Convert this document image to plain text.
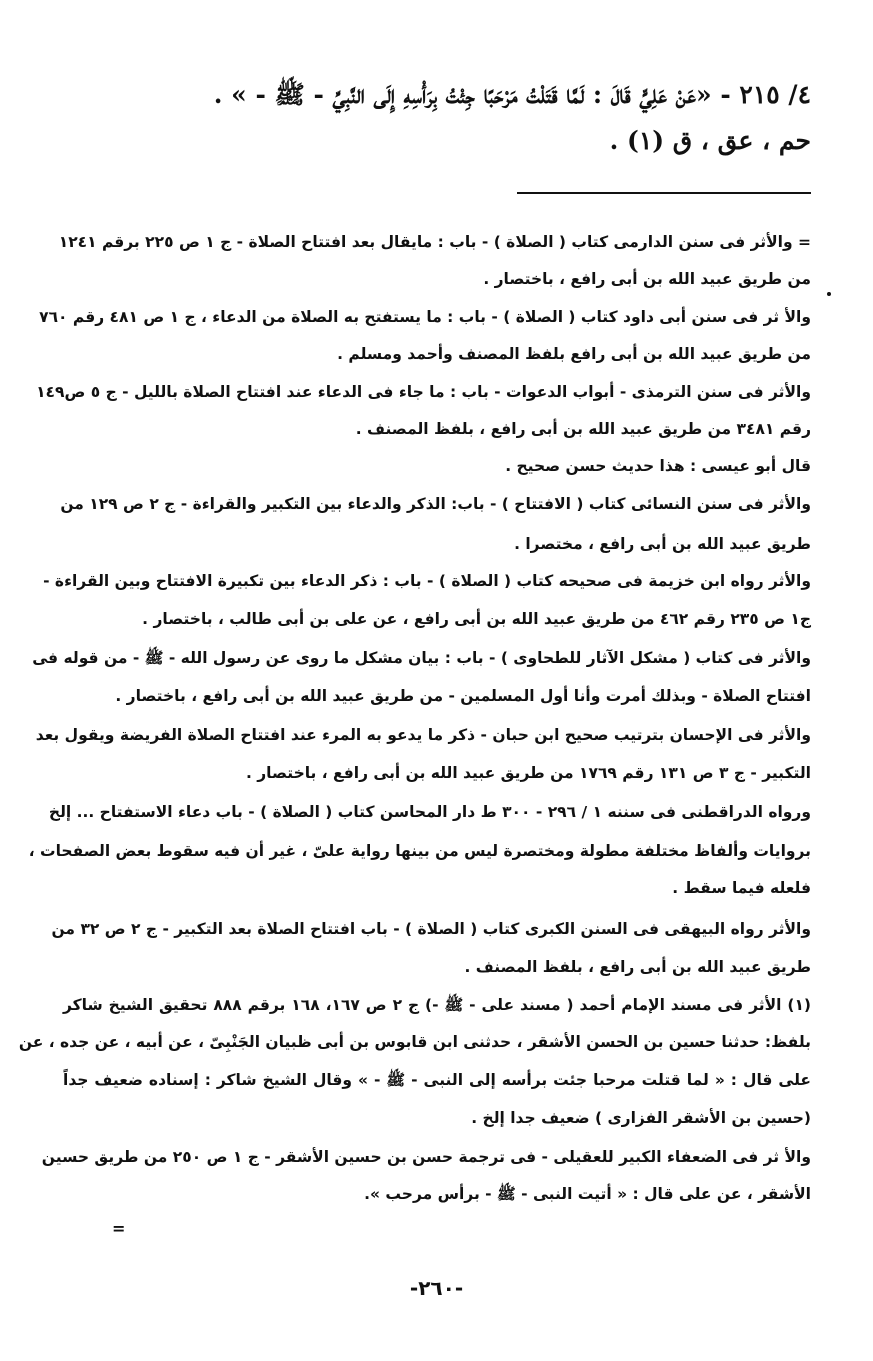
٤/ ٢١٥ - «عَنْ عَلِيٍّ قَالَ : لَمَّا قَتَلْتُ مَرْحَبًا جِئْتُ بِرَأْسِهِ إِلَى النَّبِيِّ - ﷺ - » .
حم ، عق ، ق (١) .
= والأثر فى سنن الدارمى كتاب ( الصلاة ) - باب : مايقال بعد افتتاح الصلاة - ج ١ ص ٢٢٥ برقم ١٢٤١
من طريق عبيد الله بن أبى رافع ، باختصار .
والأ ثر فى سنن أبى داود كتاب ( الصلاة ) - باب : ما يستفتح به الصلاة من الدعاء ، ج ١ ص ٤٨١ رقم ٧٦٠
من طريق عبيد الله بن أبى رافع بلفظ المصنف وأحمد ومسلم .
والأثر فى سنن الترمذى - أبواب الدعوات - باب : ما جاء فى الدعاء عند افتتاح الصلاة بالليل - ج ٥ ص١٤٩
رقم ٣٤٨١ من طريق عبيد الله بن أبى رافع ، بلفظ المصنف .
قال أبو عيسى : هذا حديث حسن صحيح .
والأثر فى سنن النسائى كتاب ( الافتتاح ) - باب: الذكر والدعاء بين التكبير والقراءة - ج ٢ ص ١٢٩ من
طريق عبيد الله بن أبى رافع ، مختصرا .
والأثر رواه ابن خزيمة فى صحيحه كتاب ( الصلاة ) - باب : ذكر الدعاء بين تكبيرة الافتتاح وبين القراءة -
ج١ ص ٢٣٥ رقم ٤٦٢ من طريق عبيد الله بن أبى رافع ، عن على بن أبى طالب ، باختصار .
والأثر فى كتاب ( مشكل الآثار للطحاوى ) - باب : بيان مشكل ما روى عن رسول الله - ﷺ - من قوله فى
افتتاح الصلاة - وبذلك أمرت وأنا أول المسلمين - من طريق عبيد الله بن أبى رافع ، باختصار .
والأثر فى الإحسان بترتيب صحيح ابن حبان - ذكر ما يدعو به المرء عند افتتاح الصلاة الفريضة ويقول بعد
التكبير - ج ٣ ص ١٣١ رقم ١٧٦٩ من طريق عبيد الله بن أبى رافع ، باختصار .
ورواه الدراقطنى فى سننه ١ / ٢٩٦ - ٣٠٠ ط دار المحاسن كتاب ( الصلاة ) - باب دعاء الاستفتاح ... إلخ
بروايات وألفاظ مختلفة مطولة ومختصرة ليس من بينها رواية علىّ ، غير أن فيه سقوط بعض الصفحات ،
فلعله فيما سقط .
والأثر رواه البيهقى فى السنن الكبرى كتاب ( الصلاة ) - باب افتتاح الصلاة بعد التكبير - ج ٢ ص ٣٢ من
طريق عبيد الله بن أبى رافع ، بلفظ المصنف .
(١) الأثر فى مسند الإمام أحمد ( مسند على - ﷺ -) ج ٢ ص ١٦٧، ١٦٨ برقم ٨٨٨ تحقيق الشيخ شاكر
بلفظ: حدثنا حسين بن الحسن الأشقر ، حدثنى ابن قابوس بن أبى ظبيان الجَنْبِىّ ، عن أبيه ، عن جده ، عن
على قال : « لما قتلت مرحبا جئت برأسه إلى النبى - ﷺ - » وقال الشيخ شاكر : إسناده ضعيف جداً
(حسين بن الأشقر الفزارى ) ضعيف جدا إلخ .
والأ ثر فى الضعفاء الكبير للعقيلى - فى ترجمة حسن بن حسين الأشقر - ج ١ ص ٢٥٠ من طريق حسين
الأشقر ، عن على قال : « أتيت النبى - ﷺ - برأس مرحب ».
=
-٢٦٠-
